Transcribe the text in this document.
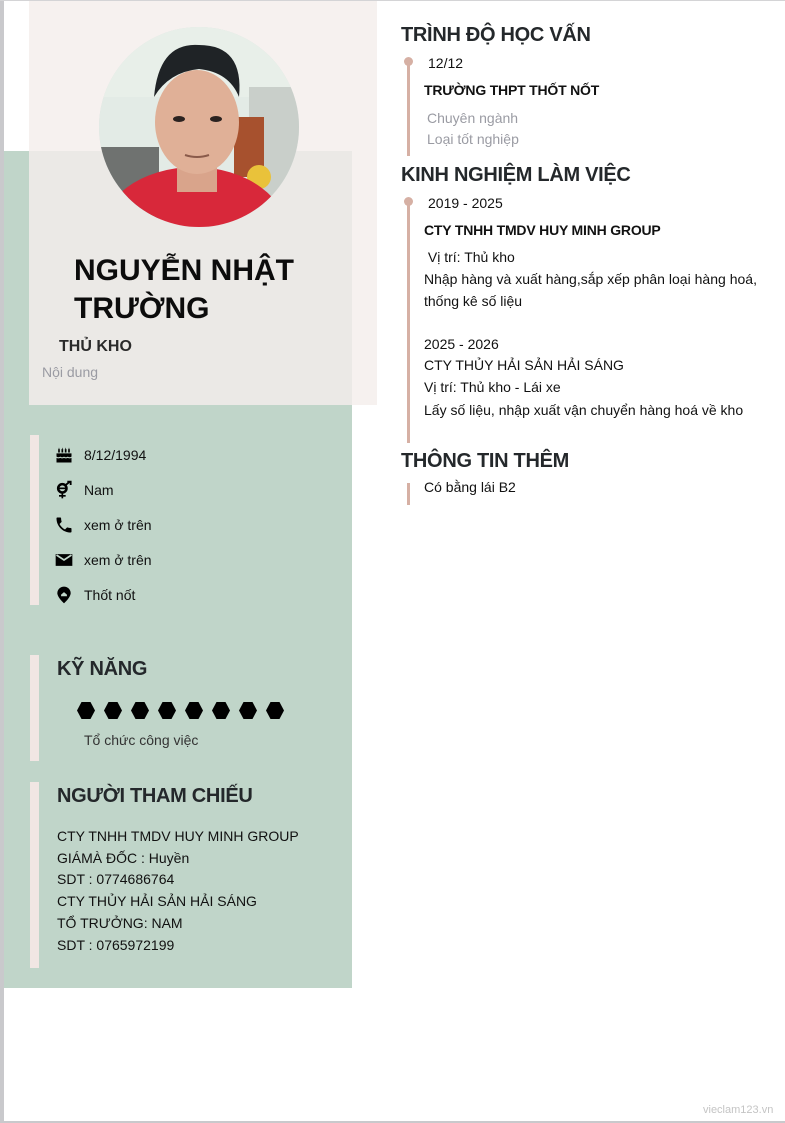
NGUYỄN NHẬT TRƯỜNG
THỦ KHO
Nội dung
8/12/1994
Nam
xem ở trên
xem ở trên
Thốt nốt
KỸ NĂNG
Tổ chức công việc
NGƯỜI THAM CHIẾU
CTY TNHH TMDV HUY MINH GROUP
GIÁMÀ ĐỐC : Huyền
SDT : 0774686764
CTY THỦY HẢI SẢN HẢI SÁNG
TỔ TRƯỞNG: NAM
SDT : 0765972199
TRÌNH ĐỘ HỌC VẤN
12/12
TRƯỜNG THPT THỐT NỐT
Chuyên ngành
Loại tốt nghiệp
KINH NGHIỆM LÀM VIỆC
2019 - 2025
CTY TNHH TMDV HUY MINH GROUP
Vị trí: Thủ kho
Nhập hàng và xuất hàng,sắp xếp phân loại hàng hoá, thống kê số liệu
2025 - 2026
CTY THỦY HẢI SẢN HẢI SÁNG
Vị trí: Thủ kho - Lái xe
Lấy số liệu, nhập xuất vận chuyển hàng hoá về kho
THÔNG TIN THÊM
Có bằng lái B2
vieclam123.vn
